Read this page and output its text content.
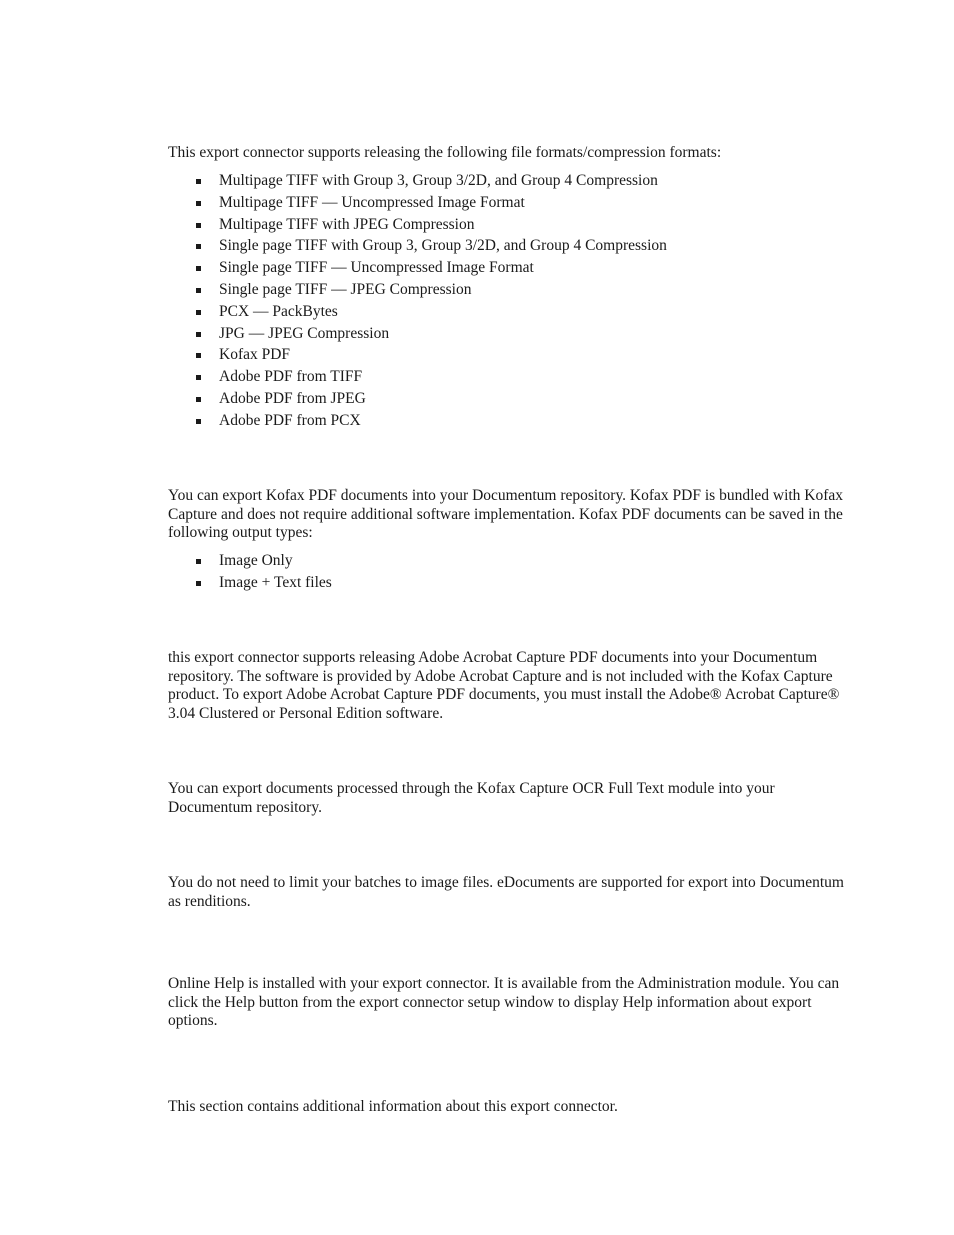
This export connector supports releasing the following file formats/compression formats:

Multipage TIFF with Group 3, Group 3/2D, and Group 4 Compression
Multipage TIFF — Uncompressed Image Format
Multipage TIFF with JPEG Compression
Single page TIFF with Group 3, Group 3/2D, and Group 4 Compression
Single page TIFF — Uncompressed Image Format
Single page TIFF — JPEG Compression
PCX — PackBytes
JPG — JPEG Compression
Kofax PDF
Adobe PDF from TIFF
Adobe PDF from JPEG
Adobe PDF from PCX

You can export Kofax PDF documents into your Documentum repository. Kofax PDF is bundled with Kofax Capture and does not require additional software implementation. Kofax PDF documents can be saved in the following output types:

Image Only
Image + Text files

this export connector supports releasing Adobe Acrobat Capture PDF documents into your Documentum repository. The software is provided by Adobe Acrobat Capture and is not included with the Kofax Capture product. To export Adobe Acrobat Capture PDF documents, you must install the Adobe® Acrobat Capture® 3.04 Clustered or Personal Edition software.

You can export documents processed through the Kofax Capture OCR Full Text module into your Documentum repository.

You do not need to limit your batches to image files. eDocuments are supported for export into Documentum as renditions.

Online Help is installed with your export connector. It is available from the Administration module. You can click the Help button from the export connector setup window to display Help information about export options.

This section contains additional information about this export connector.
